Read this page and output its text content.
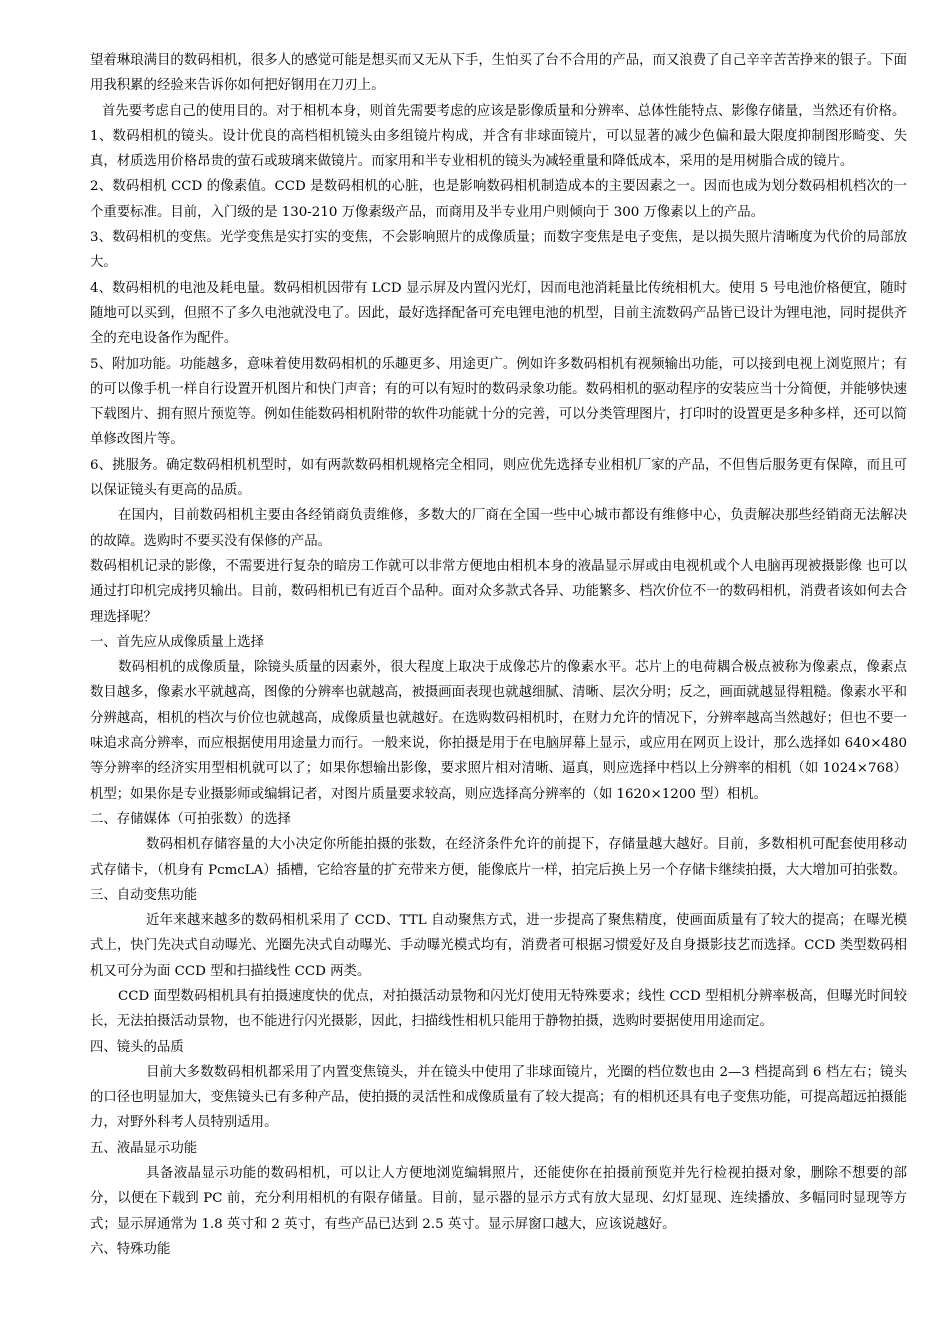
望着琳琅满目的数码相机，很多人的感觉可能是想买而又无从下手，生怕买了台不合用的产品，而又浪费了自己辛辛苦苦挣来的银子。下面用我积累的经验来告诉你如何把好钢用在刀刃上。

首先要考虑自己的使用目的。对于相机本身，则首先需要考虑的应该是影像质量和分辨率、总体性能特点、影像存储量，当然还有价格。

1、数码相机的镜头。设计优良的高档相机镜头由多组镜片构成，并含有非球面镜片，可以显著的减少色偏和最大限度抑制图形畸变、失真，材质选用价格昂贵的萤石或玻璃来做镜片。而家用和半专业相机的镜头为减轻重量和降低成本，采用的是用树脂合成的镜片。

2、数码相机 CCD 的像素值。CCD 是数码相机的心脏，也是影响数码相机制造成本的主要因素之一。因而也成为划分数码相机档次的一个重要标准。目前，入门级的是 130-210 万像素级产品，而商用及半专业用户则倾向于 300 万像素以上的产品。

3、数码相机的变焦。光学变焦是实打实的变焦，不会影响照片的成像质量；而数字变焦是电子变焦，是以损失照片清晰度为代价的局部放大。

4、数码相机的电池及耗电量。数码相机因带有 LCD 显示屏及内置闪光灯，因而电池消耗量比传统相机大。使用 5 号电池价格便宜，随时随地可以买到，但照不了多久电池就没电了。因此，最好选择配备可充电锂电池的机型，目前主流数码产品皆已设计为锂电池，同时提供齐全的充电设备作为配件。

5、附加功能。功能越多，意味着使用数码相机的乐趣更多、用途更广。例如许多数码相机有视频输出功能，可以接到电视上浏览照片；有的可以像手机一样自行设置开机图片和快门声音；有的可以有短时的数码录象功能。数码相机的驱动程序的安装应当十分简便，并能够快速下载图片、拥有照片预览等。例如佳能数码相机附带的软件功能就十分的完善，可以分类管理图片，打印时的设置更是多种多样，还可以简单修改图片等。

6、挑服务。确定数码相机机型时，如有两款数码相机规格完全相同，则应优先选择专业相机厂家的产品，不但售后服务更有保障，而且可以保证镜头有更高的品质。

在国内，目前数码相机主要由各经销商负责维修，多数大的厂商在全国一些中心城市都设有维修中心，负责解决那些经销商无法解决的故障。选购时不要买没有保修的产品。

数码相机记录的影像，不需要进行复杂的暗房工作就可以非常方便地由相机本身的液晶显示屏或由电视机或个人电脑再现被摄影像 也可以通过打印机完成拷贝输出。目前，数码相机已有近百个品种。面对众多款式各异、功能繁多、档次价位不一的数码相机，消费者该如何去合理选择呢？

一、首先应从成像质量上选择

数码相机的成像质量，除镜头质量的因素外，很大程度上取决于成像芯片的像素水平。芯片上的电荷耦合极点被称为像素点，像素点数目越多，像素水平就越高，图像的分辨率也就越高，被摄画面表现也就越细腻、清晰、层次分明；反之，画面就越显得粗糙。像素水平和分辨越高，相机的档次与价位也就越高，成像质量也就越好。在选购数码相机时，在财力允许的情况下，分辨率越高当然越好；但也不要一味追求高分辨率，而应根据使用用途量力而行。一般来说，你拍摄是用于在电脑屏幕上显示，或应用在网页上设计，那么选择如 640×480 等分辨率的经济实用型相机就可以了；如果你想输出影像，要求照片相对清晰、逼真，则应选择中档以上分辨率的相机（如 1024×768）机型；如果你是专业摄影师或编辑记者，对图片质量要求较高，则应选择高分辨率的（如 1620×1200 型）相机。

二、存储媒体（可拍张数）的选择

数码相机存储容量的大小决定你所能拍摄的张数，在经济条件允许的前提下，存储量越大越好。目前，多数相机可配套使用移动式存储卡，（机身有 PcmcLA）插槽，它给容量的扩充带来方便，能像底片一样，拍完后换上另一个存储卡继续拍摄，大大增加可拍张数。

三、自动变焦功能

近年来越来越多的数码相机采用了 CCD、TTL 自动聚焦方式，进一步提高了聚焦精度，使画面质量有了较大的提高；在曝光模式上，快门先决式自动曝光、光圈先决式自动曝光、手动曝光模式均有，消费者可根据习惯爱好及自身摄影技艺而选择。CCD 类型数码相机又可分为面 CCD 型和扫描线性 CCD 两类。

CCD 面型数码相机具有拍摄速度快的优点，对拍摄活动景物和闪光灯使用无特殊要求；线性 CCD 型相机分辨率极高，但曝光时间较长，无法拍摄活动景物，也不能进行闪光摄影，因此，扫描线性相机只能用于静物拍摄，选购时要据使用用途而定。

四、镜头的品质

目前大多数数码相机都采用了内置变焦镜头，并在镜头中使用了非球面镜片，光圈的档位数也由 2—3 档提高到 6 档左右；镜头的口径也明显加大，变焦镜头已有多种产品，使拍摄的灵活性和成像质量有了较大提高；有的相机还具有电子变焦功能，可提高超远拍摄能力，对野外科考人员特别适用。

五、液晶显示功能

具备液晶显示功能的数码相机，可以让人方便地浏览编辑照片，还能使你在拍摄前预览并先行检视拍摄对象，删除不想要的部分，以便在下载到 PC 前，充分利用相机的有限存储量。目前，显示器的显示方式有放大显现、幻灯显现、连续播放、多幅同时显现等方式；显示屏通常为 1.8 英寸和 2 英寸，有些产品已达到 2.5 英寸。显示屏窗口越大，应该说越好。

六、特殊功能
